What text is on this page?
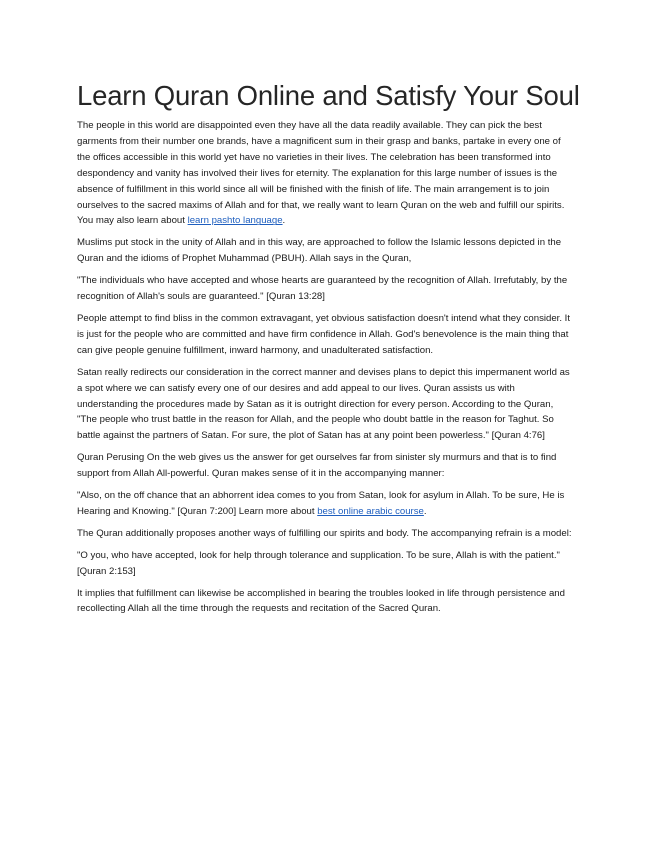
Learn Quran Online and Satisfy Your Soul

The people in this world are disappointed even they have all the data readily available. They can pick the best garments from their number one brands, have a magnificent sum in their grasp and banks, partake in every one of the offices accessible in this world yet have no varieties in their lives. The celebration has been transformed into despondency and vanity has involved their lives for eternity. The explanation for this large number of issues is the absence of fulfillment in this world since all will be finished with the finish of life. The main arrangement is to join ourselves to the sacred maxims of Allah and for that, we really want to learn Quran on the web and fulfill our spirits. You may also learn about learn pashto language.

Muslims put stock in the unity of Allah and in this way, are approached to follow the Islamic lessons depicted in the Quran and the idioms of Prophet Muhammad (PBUH). Allah says in the Quran,

"The individuals who have accepted and whose hearts are guaranteed by the recognition of Allah. Irrefutably, by the recognition of Allah's souls are guaranteed." [Quran 13:28]

People attempt to find bliss in the common extravagant, yet obvious satisfaction doesn't intend what they consider. It is just for the people who are committed and have firm confidence in Allah. God's benevolence is the main thing that can give people genuine fulfillment, inward harmony, and unadulterated satisfaction.

Satan really redirects our consideration in the correct manner and devises plans to depict this impermanent world as a spot where we can satisfy every one of our desires and add appeal to our lives. Quran assists us with understanding the procedures made by Satan as it is outright direction for every person. According to the Quran, "The people who trust battle in the reason for Allah, and the people who doubt battle in the reason for Taghut. So battle against the partners of Satan. For sure, the plot of Satan has at any point been powerless." [Quran 4:76]

Quran Perusing On the web gives us the answer for get ourselves far from sinister sly murmurs and that is to find support from Allah All-powerful. Quran makes sense of it in the accompanying manner:

"Also, on the off chance that an abhorrent idea comes to you from Satan, look for asylum in Allah. To be sure, He is Hearing and Knowing." [Quran 7:200] Learn more about best online arabic course.

The Quran additionally proposes another ways of fulfilling our spirits and body. The accompanying refrain is a model:

"O you, who have accepted, look for help through tolerance and supplication. To be sure, Allah is with the patient." [Quran 2:153]

It implies that fulfillment can likewise be accomplished in bearing the troubles looked in life through persistence and recollecting Allah all the time through the requests and recitation of the Sacred Quran.
